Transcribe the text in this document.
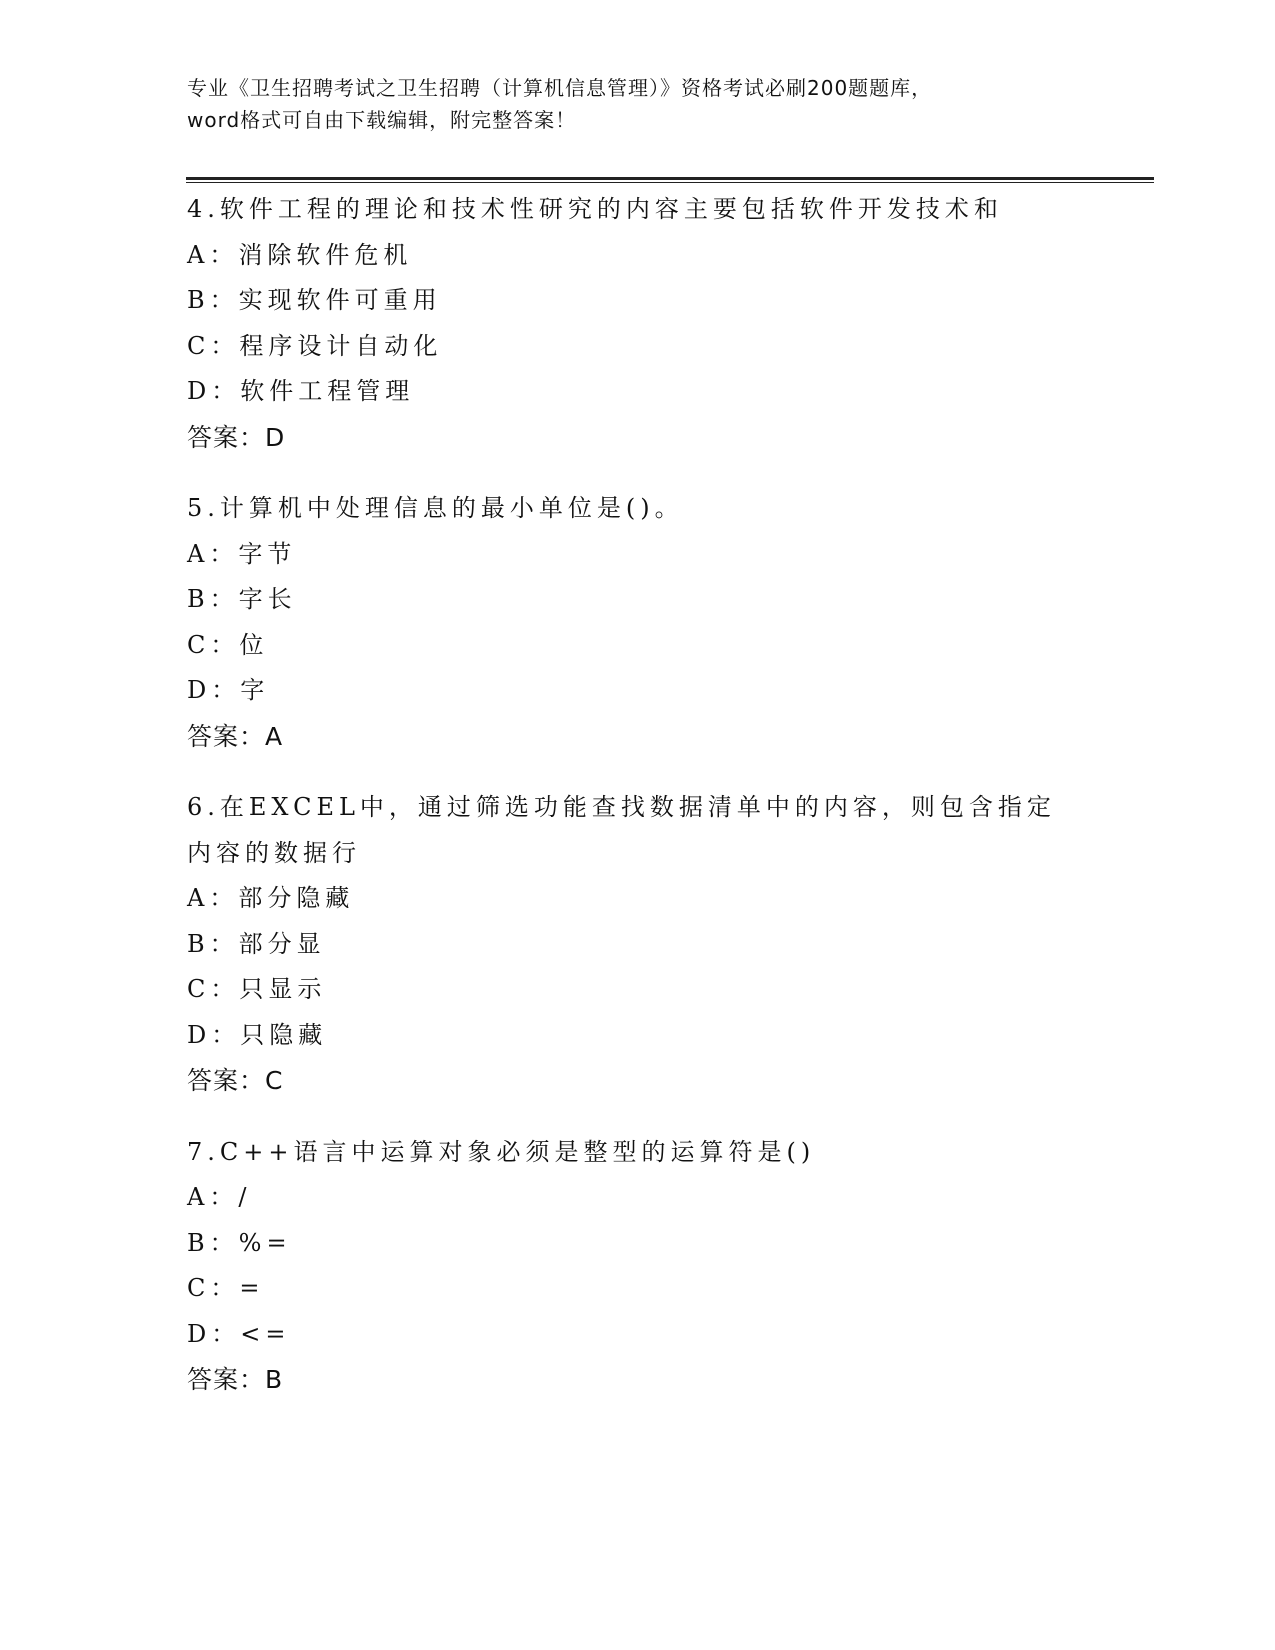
专业《卫生招聘考试之卫生招聘（计算机信息管理）》资格考试必刷200题题库，
word格式可自由下载编辑，附完整答案！
4.软件工程的理论和技术性研究的内容主要包括软件开发技术和
A：消除软件危机
B：实现软件可重用
C：程序设计自动化
D：软件工程管理
答案：D
5.计算机中处理信息的最小单位是()。
A：字节
B：字长
C：位
D：字
答案：A
6.在EXCEL中，通过筛选功能查找数据清单中的内容，则包含指定内容的数据行
A：部分隐藏
B：部分显
C：只显示
D：只隐藏
答案：C
7.C++语言中运算对象必须是整型的运算符是()
A：/
B：%=
C：=
D：<=
答案：B
